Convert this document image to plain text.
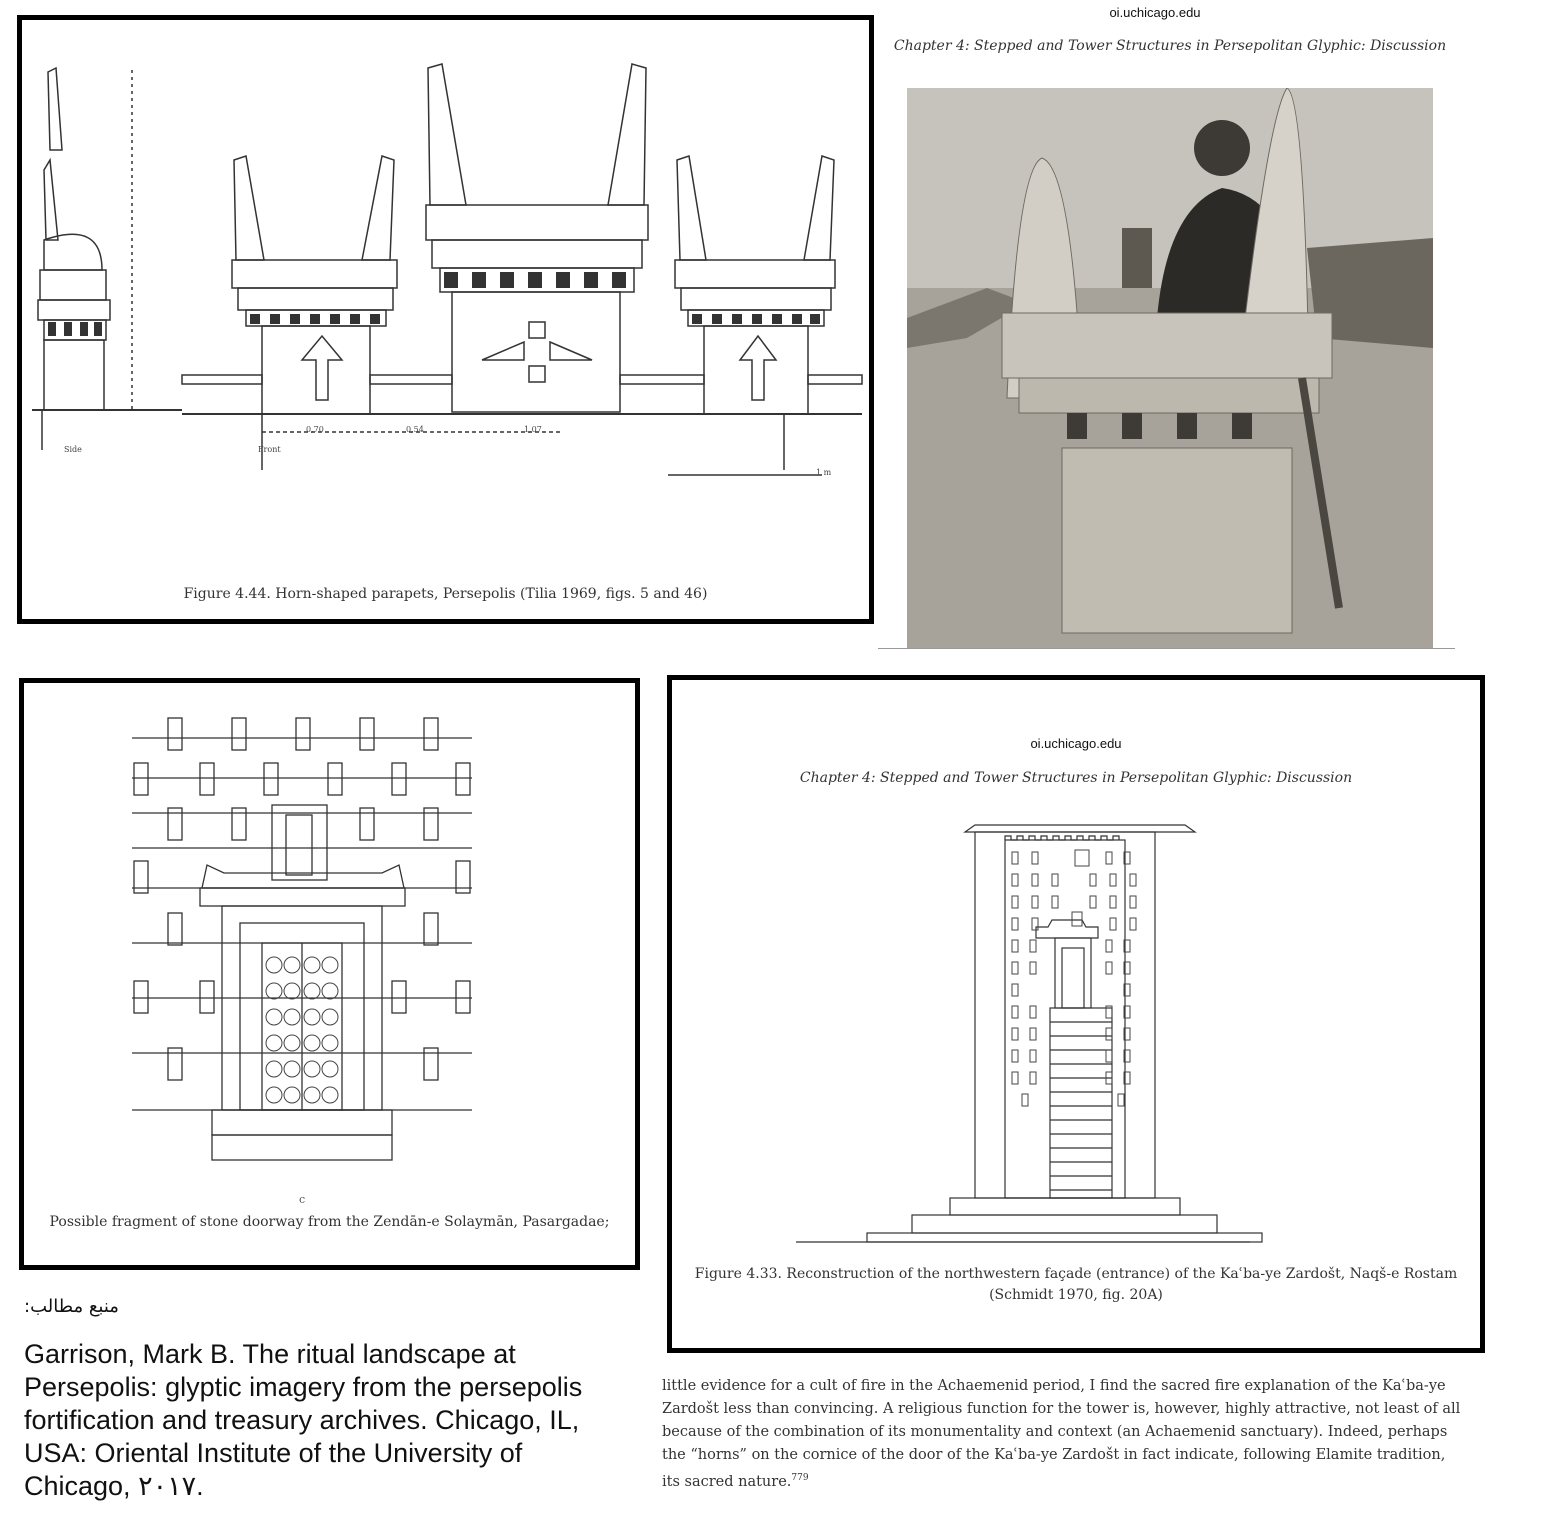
Side	Front
0,70	0,54	1,07
1 m
Figure 4.44. Horn-shaped parapets, Persepolis (Tilia 1969, figs. 5 and 46)
oi.uchicago.edu
Chapter 4: Stepped and Tower Structures in Persepolitan Glyphic: Discussion
c
Possible fragment of stone doorway from the Zendān-e Solaymān, Pasargadae;
oi.uchicago.edu
Chapter 4: Stepped and Tower Structures in Persepolitan Glyphic: Discussion
Figure 4.33. Reconstruction of the northwestern façade (entrance) of the Kaʿba-ye Zardošt, Naqš-e Rostam
(Schmidt 1970, fig. 20A)
منبع مطالب:
Garrison, Mark B. The ritual landscape at
Persepolis: glyptic imagery from the persepolis
fortification and treasury archives. Chicago, IL,
USA: Oriental Institute of the University of
Chicago, ۲۰۱۷.
little evidence for a cult of fire in the Achaemenid period, I find the sacred fire explanation of the Kaʿba-ye
Zardošt less than convincing. A religious function for the tower is, however, highly attractive, not least of all
because of the combination of its monumentality and context (an Achaemenid sanctuary). Indeed, perhaps
the “horns” on the cornice of the door of the Kaʿba-ye Zardošt in fact indicate, following Elamite tradition,
its sacred nature.$^{779}$
